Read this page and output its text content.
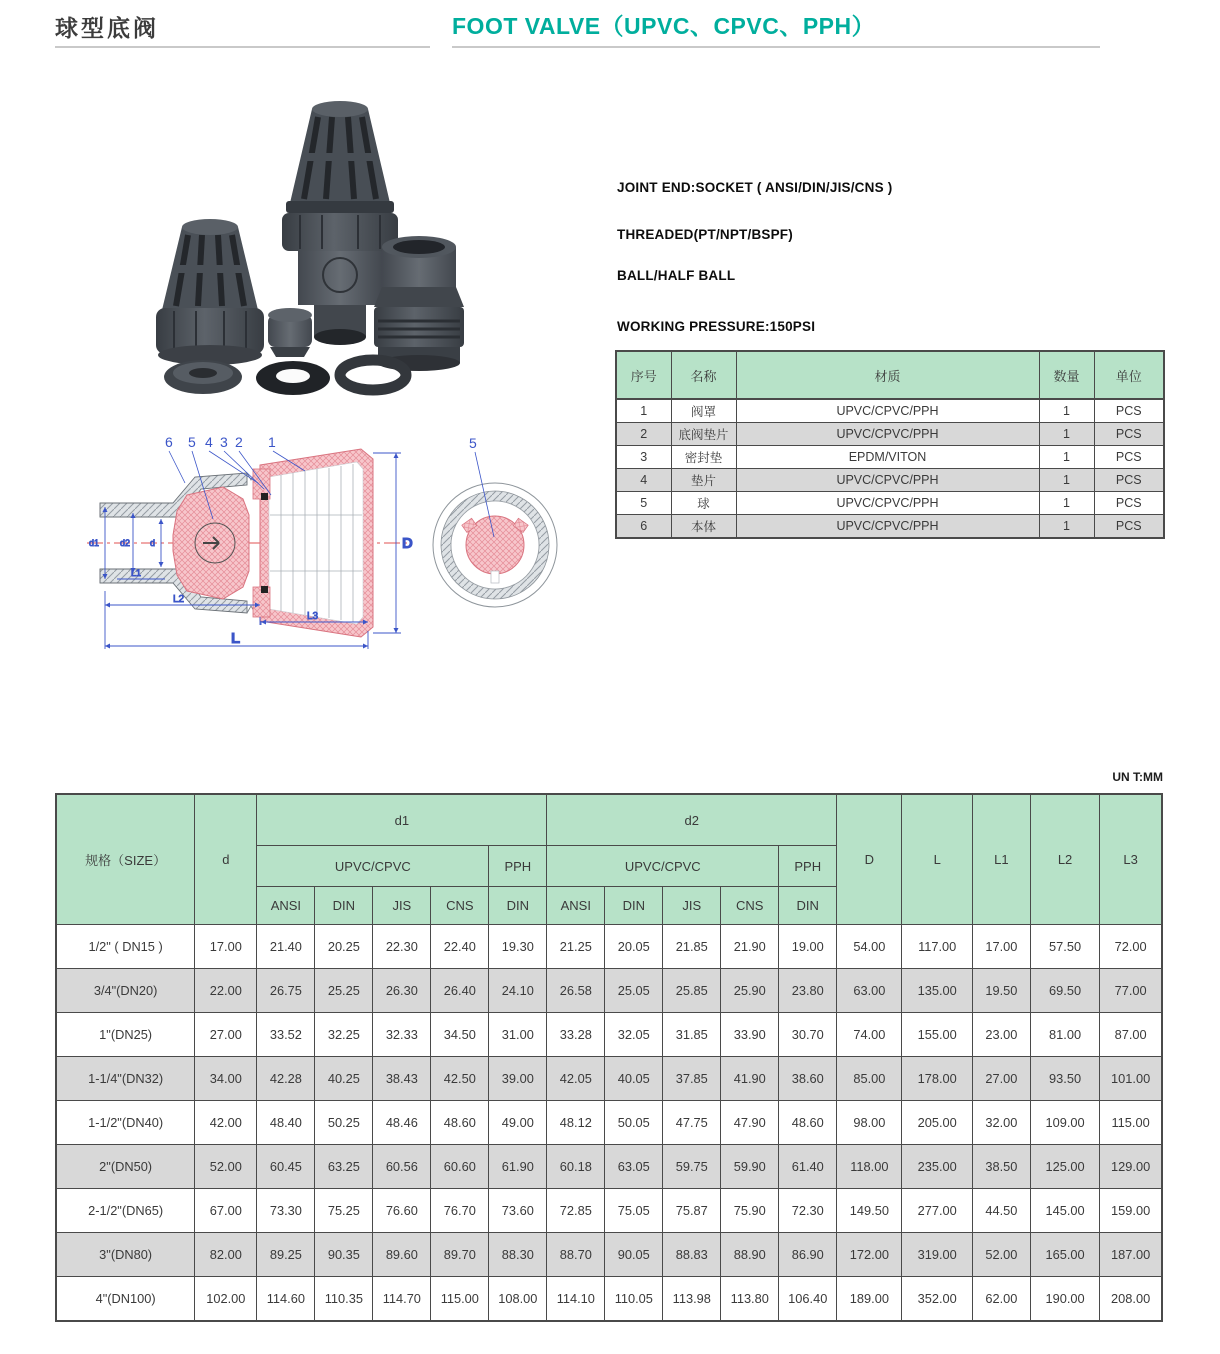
球型底阀	FOOT VALVE（UPVC、CPVC、PPH）
d1 d2 d
L1
L2
L3
L
D
6 5 4 3 2 1	5

JOINT END:SOCKET ( ANSI/DIN/JIS/CNS )

THREADED(PT/NPT/BSPF)

BALL/HALF BALL

WORKING PRESSURE:150PSI

序号	名称	材质	数量	单位
1	阀罩	UPVC/CPVC/PPH	1	PCS
2	底阀垫片	UPVC/CPVC/PPH	1	PCS
3	密封垫	EPDM/VITON	1	PCS
4	垫片	UPVC/CPVC/PPH	1	PCS
5	球	UPVC/CPVC/PPH	1	PCS
6	本体	UPVC/CPVC/PPH	1	PCS
UN T:MM
规格（SIZE）	d	d1					d2					D	L	L1	L2	L3
		UPVC/CPVC				PPH	UPVC/CPVC				PPH					
		ANSI	DIN	JIS	CNS	DIN	ANSI	DIN	JIS	CNS	DIN					
1/2" ( DN15 )	17.00	21.40	20.25	22.30	22.40	19.30	21.25	20.05	21.85	21.90	19.00	54.00	117.00	17.00	57.50	72.00
3/4"(DN20)	22.00	26.75	25.25	26.30	26.40	24.10	26.58	25.05	25.85	25.90	23.80	63.00	135.00	19.50	69.50	77.00
1"(DN25)	27.00	33.52	32.25	32.33	34.50	31.00	33.28	32.05	31.85	33.90	30.70	74.00	155.00	23.00	81.00	87.00
1-1/4"(DN32)	34.00	42.28	40.25	38.43	42.50	39.00	42.05	40.05	37.85	41.90	38.60	85.00	178.00	27.00	93.50	101.00
1-1/2"(DN40)	42.00	48.40	50.25	48.46	48.60	49.00	48.12	50.05	47.75	47.90	48.60	98.00	205.00	32.00	109.00	115.00
2"(DN50)	52.00	60.45	63.25	60.56	60.60	61.90	60.18	63.05	59.75	59.90	61.40	118.00	235.00	38.50	125.00	129.00
2-1/2"(DN65)	67.00	73.30	75.25	76.60	76.70	73.60	72.85	75.05	75.87	75.90	72.30	149.50	277.00	44.50	145.00	159.00
3"(DN80)	82.00	89.25	90.35	89.60	89.70	88.30	88.70	90.05	88.83	88.90	86.90	172.00	319.00	52.00	165.00	187.00
4"(DN100)	102.00	114.60	110.35	114.70	115.00	108.00	114.10	110.05	113.98	113.80	106.40	189.00	352.00	62.00	190.00	208.00
